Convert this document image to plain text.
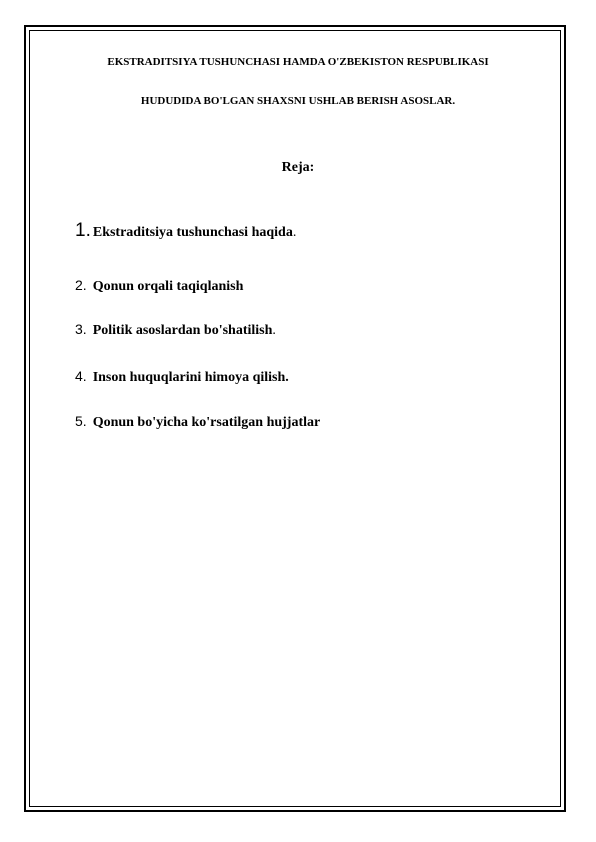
EKSTRADITSIYA TUSHUNCHASI HAMDA O'ZBEKISTON RESPUBLIKASI
HUDUDIDA BO'LGAN SHAXSNI USHLAB BERISH ASOSLAR.
Reja:
1. Ekstraditsiya tushunchasi haqida.
2. Qonun orqali taqiqlanish
3. Politik asoslardan bo'shatilish.
4. Inson huquqlarini himoya qilish.
5. Qonun bo'yicha ko'rsatilgan hujjatlar
